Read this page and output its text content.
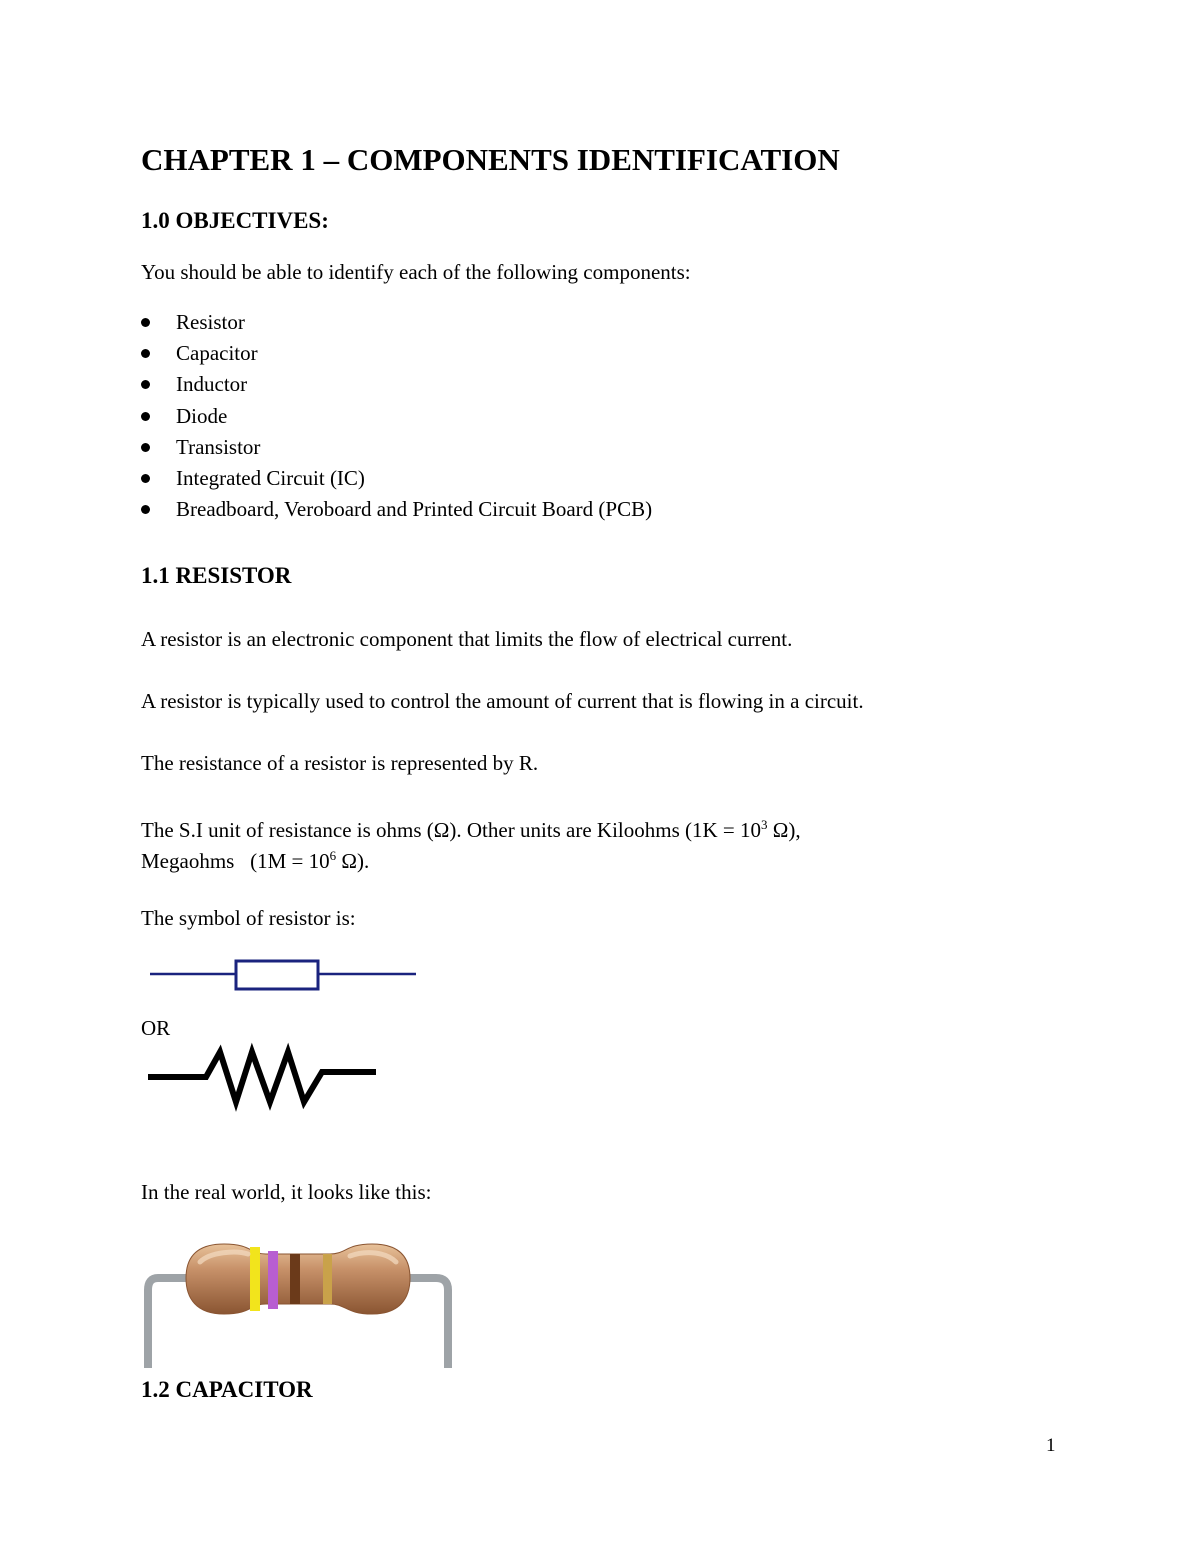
CHAPTER 1 – COMPONENTS IDENTIFICATION
1.0 OBJECTIVES:
You should be able to identify each of the following components:
Resistor
Capacitor
Inductor
Diode
Transistor
Integrated Circuit (IC)
Breadboard, Veroboard and Printed Circuit Board (PCB)
1.1 RESISTOR
A resistor is an electronic component that limits the flow of electrical current.
A resistor is typically used to control the amount of current that is flowing in a circuit.
The resistance of a resistor is represented by R.
The S.I unit of resistance is ohms (Ω). Other units are Kiloohms ($1K = 10^3$ Ω),
Megaohms   ($1M = 10^6$ Ω).
The symbol of resistor is:
OR
In the real world, it looks like this:
1.2 CAPACITOR
1
